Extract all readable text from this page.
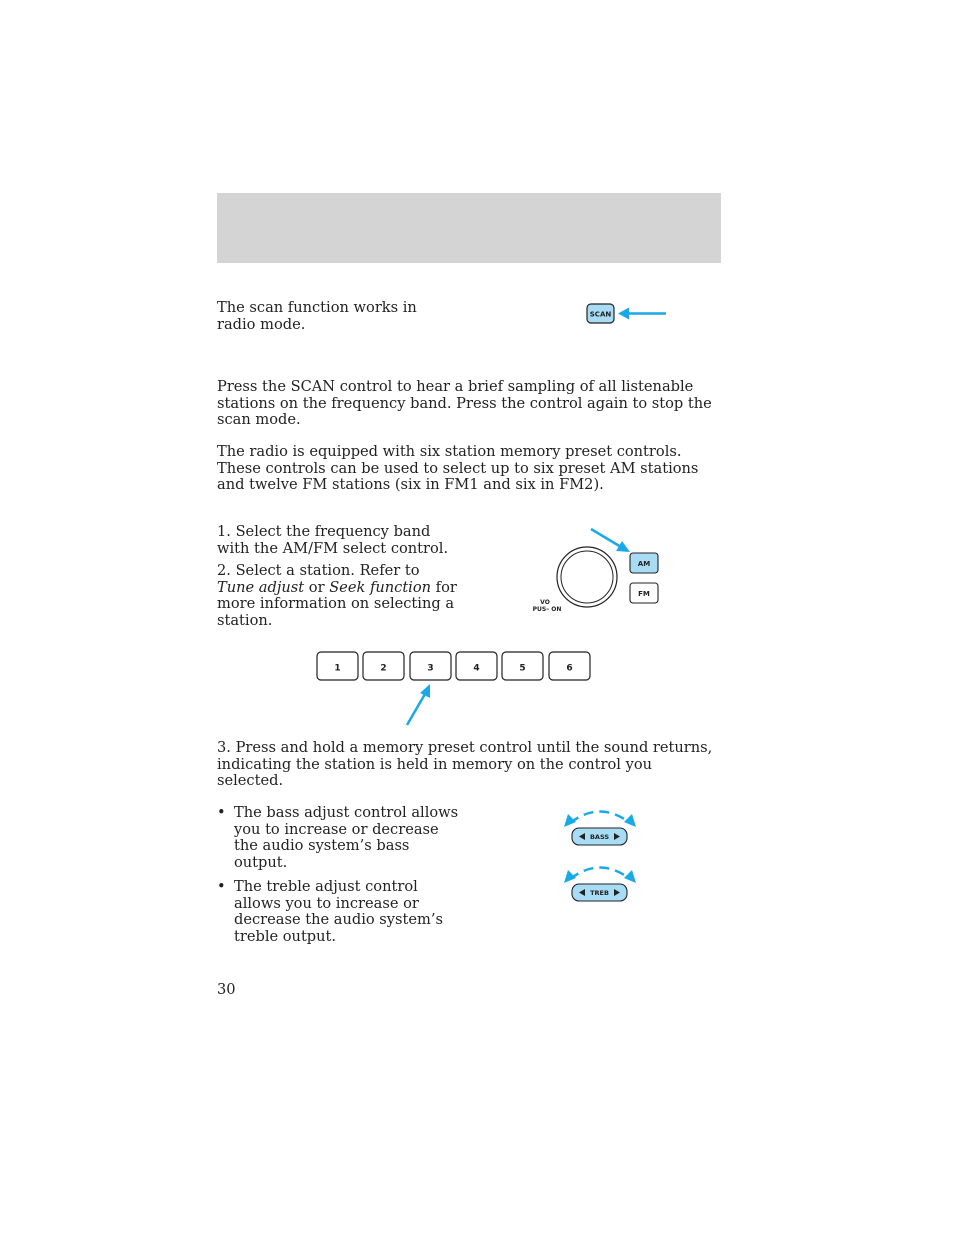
The scan function works in radio mode.
SCAN
Press the SCAN control to hear a brief sampling of all listenable stations on the frequency band. Press the control again to stop the scan mode.
The radio is equipped with six station memory preset controls. These controls can be used to select up to six preset AM stations and twelve FM stations (six in FM1 and six in FM2).
1. Select the frequency band with the AM/FM select control.
2. Select a station. Refer to Tune adjust or Seek function for more information on selecting a station.
VO
PUS– ON
AM
FM
1	2	3	4	5	6
3. Press and hold a memory preset control until the sound returns, indicating the station is held in memory on the control you selected.
• The bass adjust control allows you to increase or decrease the audio system’s bass output.
• The treble adjust control allows you to increase or decrease the audio system’s treble output.
BASS
TREB
30
